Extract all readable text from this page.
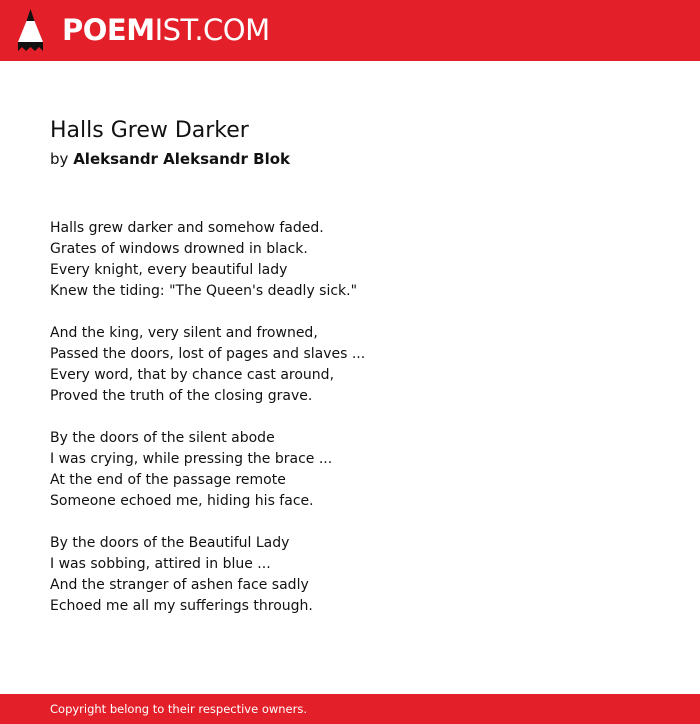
POEM IST.COM
Halls Grew Darker
by Aleksandr Aleksandr Blok
Halls grew darker and somehow faded.
Grates of windows drowned in black.
Every knight, every beautiful lady
Knew the tiding: "The Queen's deadly sick."
And the king, very silent and frowned,
Passed the doors, lost of pages and slaves ...
Every word, that by chance cast around,
Proved the truth of the closing grave.
By the doors of the silent abode
I was crying, while pressing the brace ...
At the end of the passage remote
Someone echoed me, hiding his face.
By the doors of the Beautiful Lady
I was sobbing, attired in blue ...
And the stranger of ashen face sadly
Echoed me all my sufferings through.
Copyright belong to their respective owners.
